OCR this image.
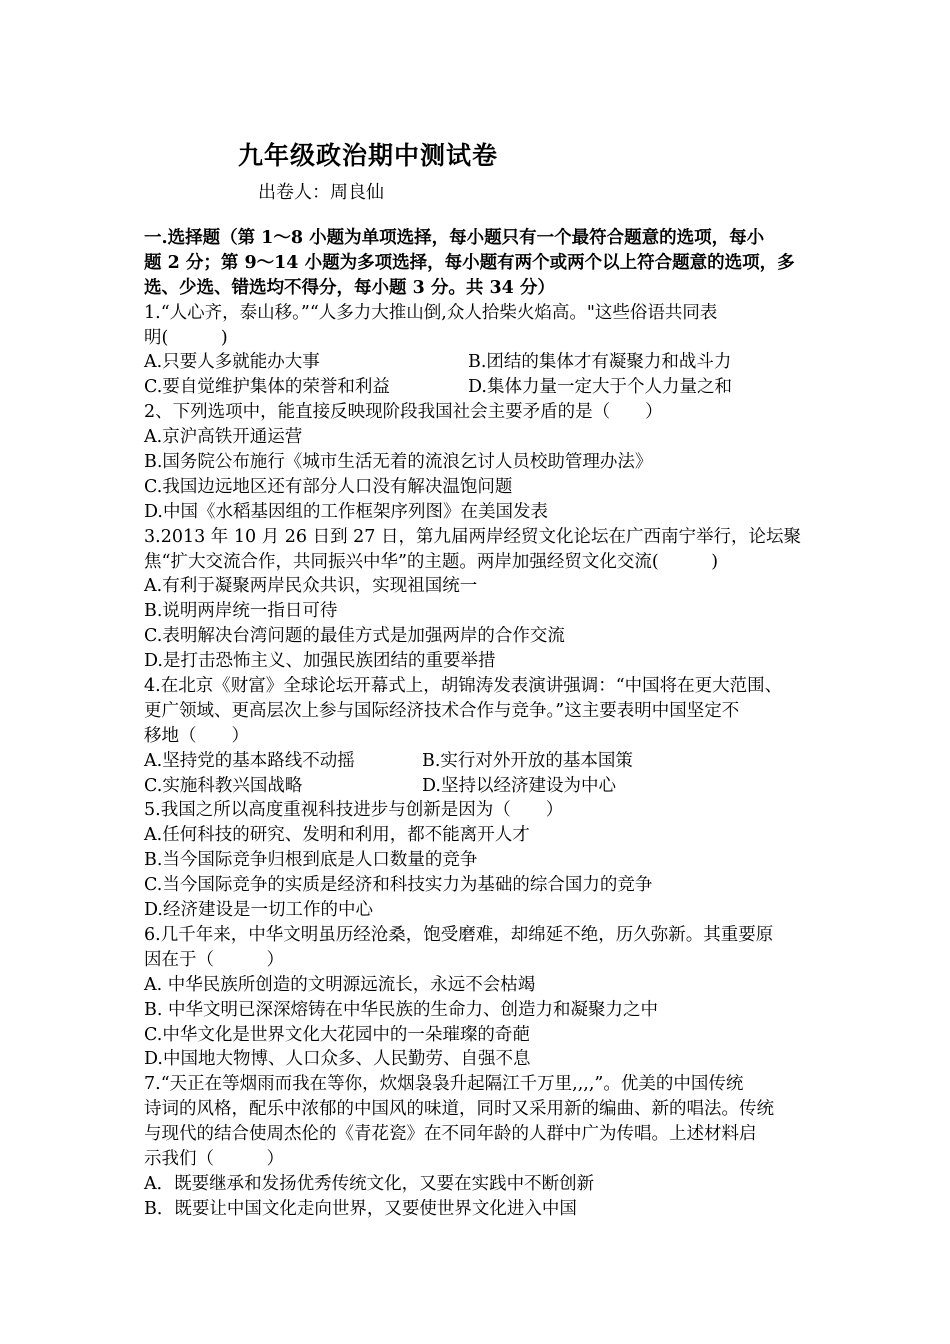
九年级政治期中测试卷
出卷人：周良仙
一.选择题（第 1～8 小题为单项选择，每小题只有一个最符合题意的选项，每小
题 2 分；第 9～14 小题为多项选择，每小题有两个或两个以上符合题意的选项，多
选、少选、错选均不得分，每小题 3 分。共 34 分）
1.“人心齐，泰山移。”“人多力大推山倒,众人拾柴火焰高。"这些俗语共同表
明(　　　)
A.只要人多就能办大事	B.团结的集体才有凝聚力和战斗力
C.要自觉维护集体的荣誉和利益	D.集体力量一定大于个人力量之和
2、下列选项中，能直接反映现阶段我国社会主要矛盾的是（　　）
A.京沪高铁开通运营
B.国务院公布施行《城市生活无着的流浪乞讨人员校助管理办法》
C.我国边远地区还有部分人口没有解决温饱问题
D.中国《水稻基因组的工作框架序列图》在美国发表
3.2013 年 10 月 26 日到 27 日，第九届两岸经贸文化论坛在广西南宁举行，论坛聚
焦“扩大交流合作，共同振兴中华”的主题。两岸加强经贸文化交流(　　　)
A.有利于凝聚两岸民众共识，实现祖国统一
B.说明两岸统一指日可待
C.表明解决台湾问题的最佳方式是加强两岸的合作交流
D.是打击恐怖主义、加强民族团结的重要举措
4.在北京《财富》全球论坛开幕式上，胡锦涛发表演讲强调：“中国将在更大范围、
更广领域、更高层次上参与国际经济技术合作与竞争。”这主要表明中国坚定不
移地（　　）
A.坚持党的基本路线不动摇	B.实行对外开放的基本国策
C.实施科教兴国战略	D.坚持以经济建设为中心
5.我国之所以高度重视科技进步与创新是因为（　　）
A.任何科技的研究、发明和利用，都不能离开人才
B.当今国际竞争归根到底是人口数量的竞争
C.当今国际竞争的实质是经济和科技实力为基础的综合国力的竞争
D.经济建设是一切工作的中心
6.几千年来，中华文明虽历经沧桑，饱受磨难，却绵延不绝，历久弥新。其重要原
因在于（　　　）
A. 中华民族所创造的文明源远流长，永远不会枯竭
B. 中华文明已深深熔铸在中华民族的生命力、创造力和凝聚力之中
C.中华文化是世界文化大花园中的一朵璀璨的奇葩
D.中国地大物博、人口众多、人民勤劳、自强不息
7.“天正在等烟雨而我在等你，炊烟袅袅升起隔江千万里,,,,”。优美的中国传统
诗词的风格，配乐中浓郁的中国风的味道，同时又采用新的编曲、新的唱法。传统
与现代的结合使周杰伦的《青花瓷》在不同年龄的人群中广为传唱。上述材料启
示我们（　　　）
A．既要继承和发扬优秀传统文化，又要在实践中不断创新
B．既要让中国文化走向世界，又要使世界文化进入中国
